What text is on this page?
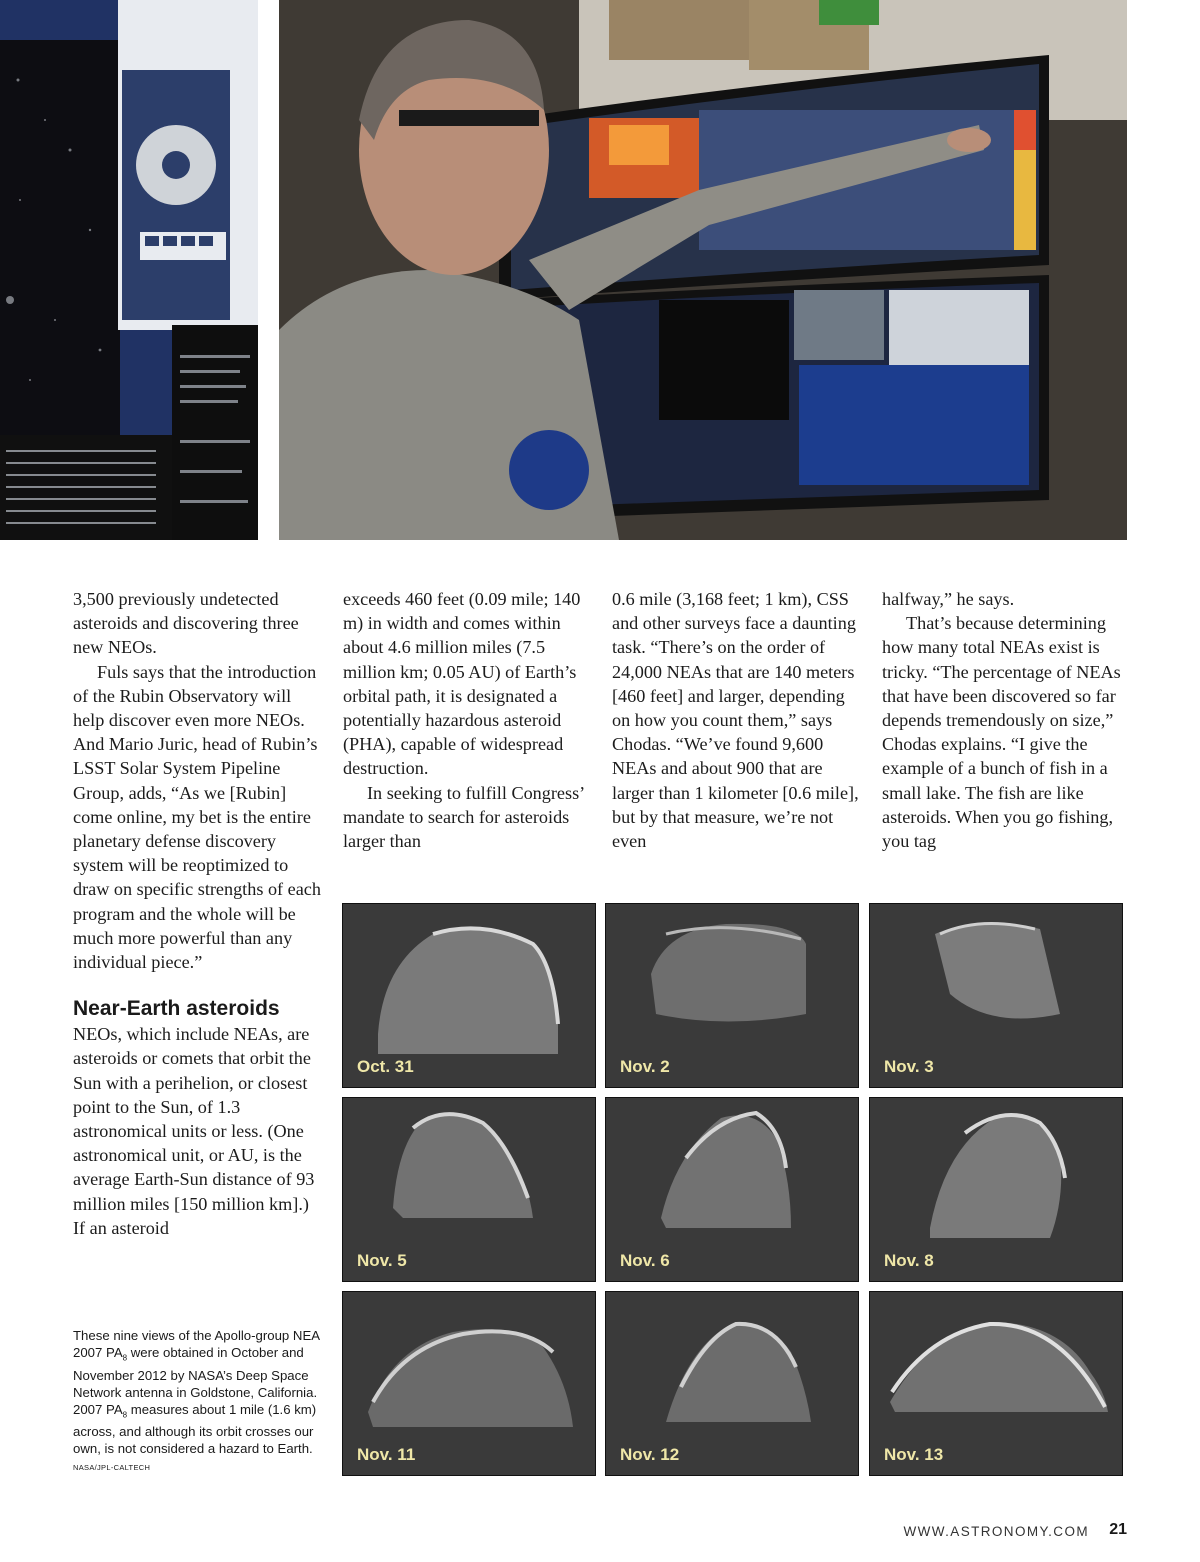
3,500 previously undetected asteroids and discovering three new NEOs.

Fuls says that the introduction of the Rubin Observatory will help discover even more NEOs. And Mario Juric, head of Rubin’s LSST Solar System Pipeline Group, adds, “As we [Rubin] come online, my bet is the entire planetary defense discovery system will be reoptimized to draw on specific strengths of each program and the whole will be much more powerful than any individual piece.”

Near-Earth asteroids

NEOs, which include NEAs, are asteroids or comets that orbit the Sun with a perihelion, or closest point to the Sun, of 1.3 astronomical units or less. (One astronomical unit, or AU, is the average Earth-Sun distance of 93 million miles [150 million km].) If an asteroid

exceeds 460 feet (0.09 mile; 140 m) in width and comes within about 4.6 million miles (7.5 million km; 0.05 AU) of Earth’s orbital path, it is designated a potentially hazardous asteroid (PHA), capable of widespread destruction.

In seeking to fulfill Congress’ mandate to search for asteroids larger than

0.6 mile (3,168 feet; 1 km), CSS and other surveys face a daunting task. “There’s on the order of 24,000 NEAs that are 140 meters [460 feet] and larger, depending on how you count them,” says Chodas. “We’ve found 9,600 NEAs and about 900 that are larger than 1 kilometer [0.6 mile], but by that measure, we’re not even

halfway,” he says.

That’s because determining how many total NEAs exist is tricky. “The percentage of NEAs that have been discovered so far depends tremendously on size,” Chodas explains. “I give the example of a bunch of fish in a small lake. The fish are like asteroids. When you go fishing, you tag

These nine views of the Apollo-group NEA 2007 $PA_8$ were obtained in October and November 2012 by NASA’s Deep Space Network antenna in Goldstone, California. 2007 $PA_8$ measures about 1 mile (1.6 km) across, and although its orbit crosses our own, is not considered a hazard to Earth. NASA/JPL-CALTECH
Oct. 31	Nov. 2	Nov. 3
Nov. 5	Nov. 6	Nov. 8
Nov. 11	Nov. 12	Nov. 13
WWW.ASTRONOMY.COM 21
